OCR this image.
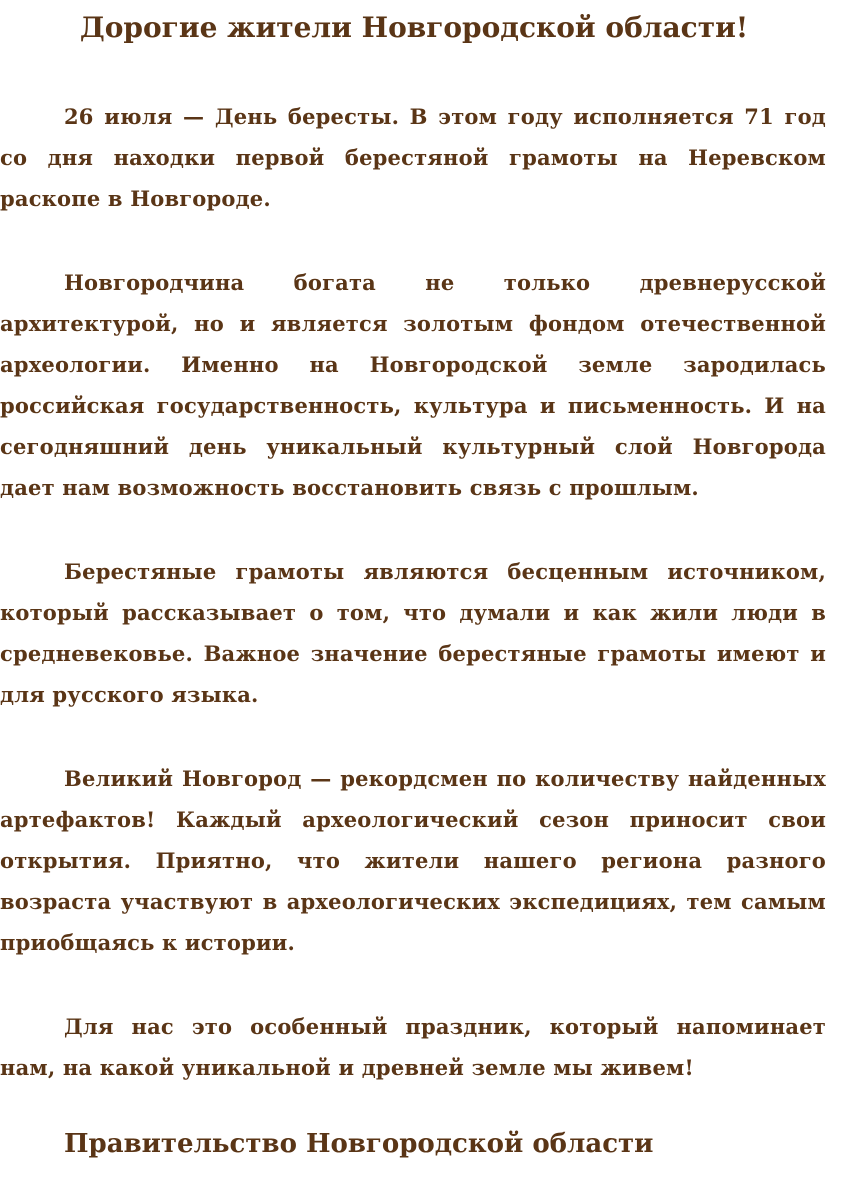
Дорогие жители Новгородской области!

26 июля — День бересты. В этом году исполняется 71 год со дня находки первой берестяной грамоты на Неревском раскопе в Новгороде.

Новгородчина богата не только древнерусской архитектурой, но и является золотым фондом отечественной археологии. Именно на Новгородской земле зародилась российская государственность, культура и письменность. И на сегодняшний день уникальный культурный слой Новгорода дает нам возможность восстановить связь с прошлым.

Берестяные грамоты являются бесценным источником, который рассказывает о том, что думали и как жили люди в средневековье. Важное значение берестяные грамоты имеют и для русского языка.

Великий Новгород — рекордсмен по количеству найденных артефактов! Каждый археологический сезон приносит свои открытия. Приятно, что жители нашего региона разного возраста участвуют в археологических экспедициях, тем самым приобщаясь к истории.

Для нас это особенный праздник, который напоминает нам, на какой уникальной и древней земле мы живем!

Правительство Новгородской области
